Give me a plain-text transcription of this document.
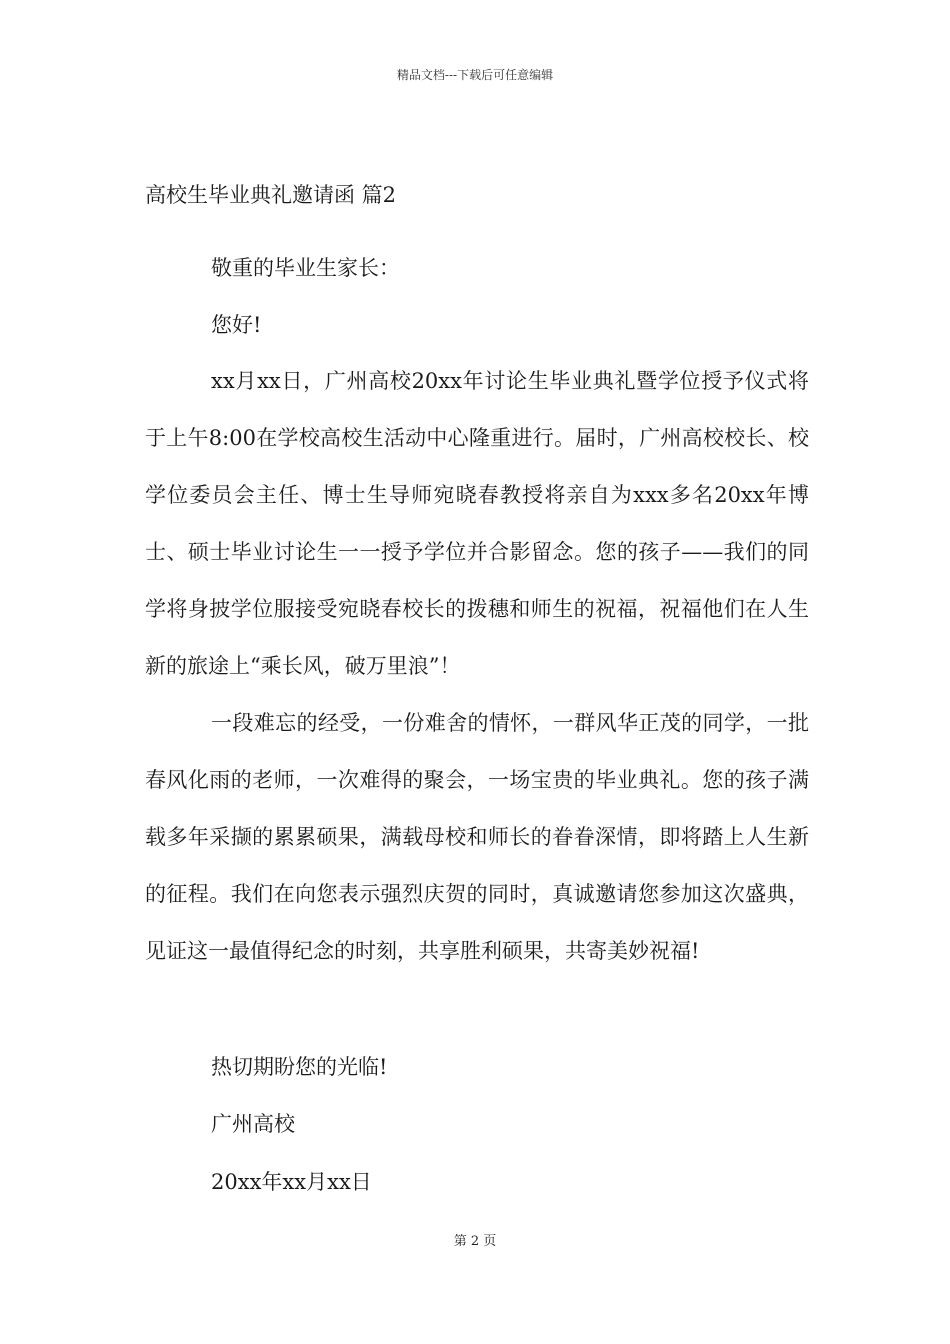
精品文档---下载后可任意编辑
高校生毕业典礼邀请函 篇2
敬重的毕业生家长：
您好!

xx月xx日，广州高校20xx年讨论生毕业典礼暨学位授予仪式将于上午8:00在学校高校生活动中心隆重进行。届时，广州高校校长、校学位委员会主任、博士生导师宛晓春教授将亲自为xxx多名20xx年博士、硕士毕业讨论生一一授予学位并合影留念。您的孩子——我们的同学将身披学位服接受宛晓春校长的拨穗和师生的祝福，祝福他们在人生新的旅途上“乘长风，破万里浪”！

一段难忘的经受，一份难舍的情怀，一群风华正茂的同学，一批春风化雨的老师，一次难得的聚会，一场宝贵的毕业典礼。您的孩子满载多年采撷的累累硕果，满载母校和师长的眷眷深情，即将踏上人生新的征程。我们在向您表示强烈庆贺的同时，真诚邀请您参加这次盛典，见证这一最值得纪念的时刻，共享胜利硕果，共寄美妙祝福!

热切期盼您的光临!
广州高校
20xx年xx月xx日
第 2 页
